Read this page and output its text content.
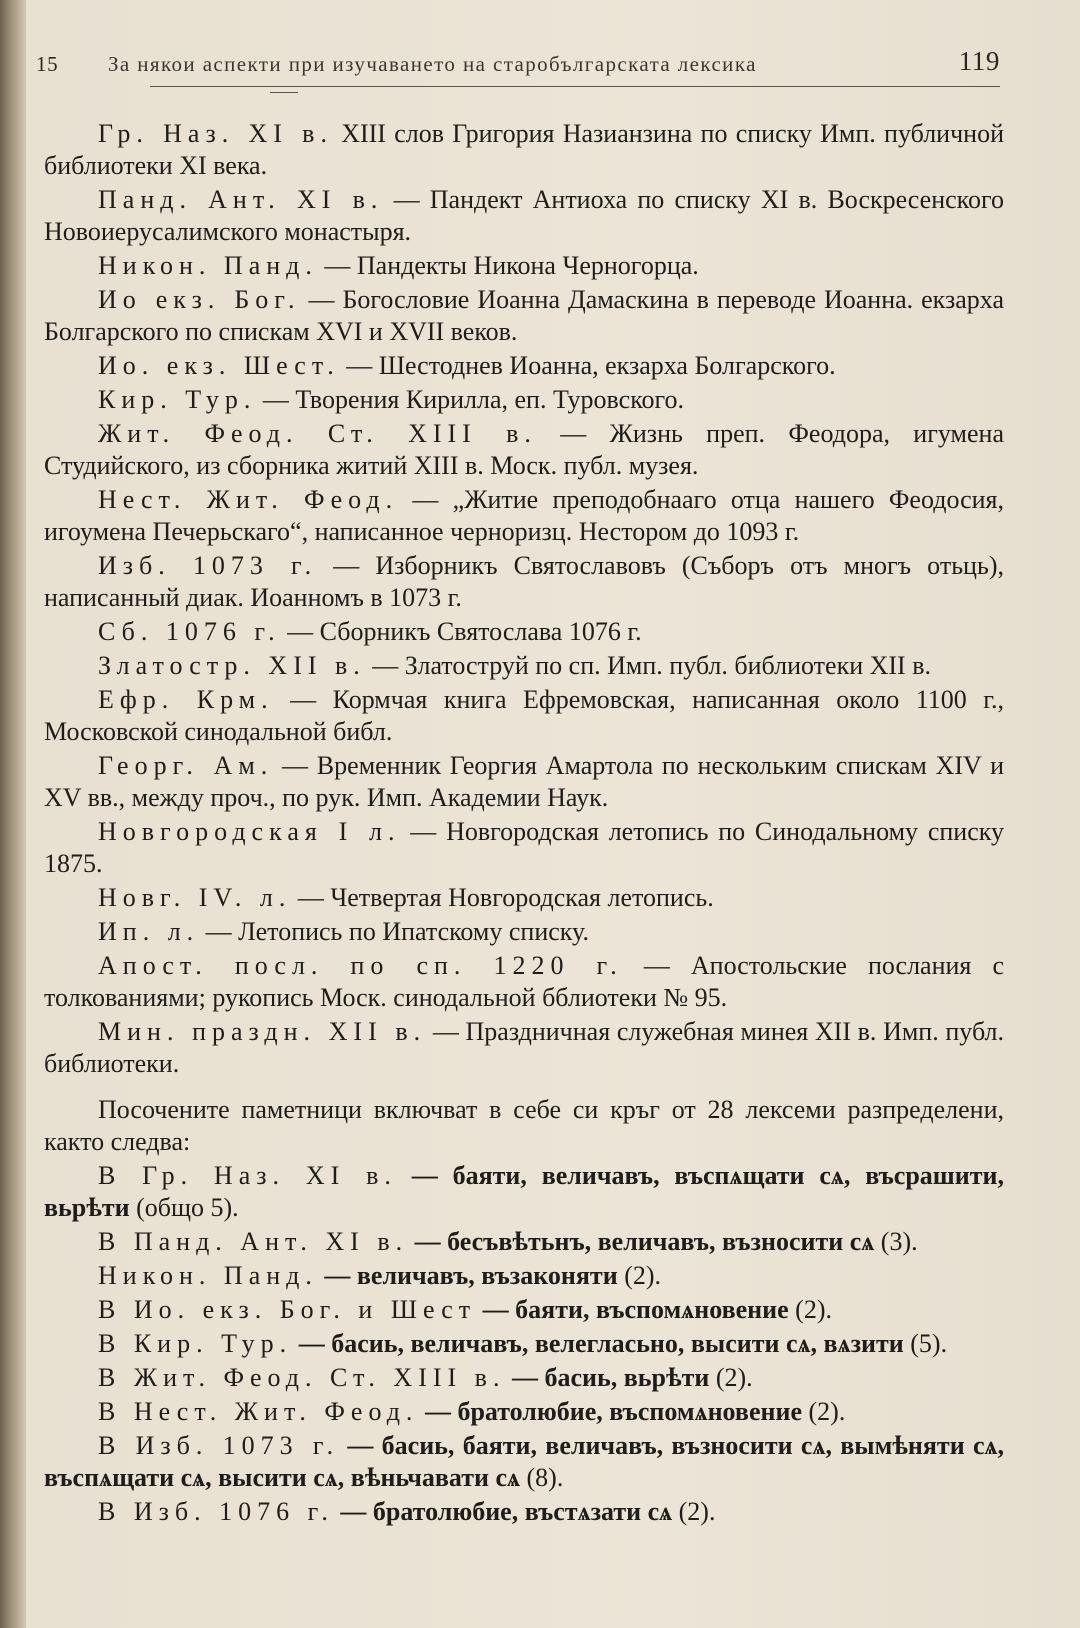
15 За някои аспекти при изучаването на старобългарската лексика	119

Гр. Наз. XI в. XIII слов Григория Назианзина по списку Имп. публичной библиотеки XI века.

Панд. Ант. XI в. — Пандект Антиоха по списку XI в. Воскресенского Новоиерусалимского монастыря.

Никон. Панд. — Пандекты Никона Черногорца.

Ио екз. Бог. — Богословие Иоанна Дамаскина в переводе Иоанна. екзарха Болгарского по спискам XVI и XVII веков.

Ио. екз. Шест. — Шестоднев Иоанна, екзарха Болгарского.

Кир. Тур. — Творения Кирилла, еп. Туровского.

Жит. Феод. Ст. XIII в. — Жизнь преп. Феодора, игумена Студийского, из сборника житий XIII в. Моск. публ. музея.

Нест. Жит. Феод. — „Житие преподобнааго отца нашего Феодосия, игоумена Печерьскаго“, написанное черноризц. Нестором до 1093 г.

Изб. 1073 г. — Изборникъ Святославовъ (Съборъ отъ многъ отьць), написанный диак. Иоанномъ в 1073 г.

Сб. 1076 г. — Сборникъ Святослава 1076 г.

Златостр. XII в. — Златоструй по сп. Имп. публ. библиотеки XII в.

Ефр. Крм. — Кормчая книга Ефремовская, написанная около 1100 г., Московской синодальной библ.

Георг. Ам. — Временник Георгия Амартола по нескольким спискам XIV и XV вв., между проч., по рук. Имп. Академии Наук.

Новгородская I л. — Новгородская летопись по Синодальному списку 1875.

Новг. IV. л. — Четвертая Новгородская летопись.

Ип. л. — Летопись по Ипатскому списку.

Апост. посл. по сп. 1220 г. — Апостольские послания с толкованиями; рукопись Моск. синодальной бблиотеки № 95.

Мин. праздн. XII в. — Праздничная служебная минея XII в. Имп. публ. библиотеки.

Посочените паметници включват в себе си кръг от 28 лексеми разпределени, както следва:

В Гр. Наз. XI в. — баяти, величавъ, въспѧщати сѧ, въсрашити, вьрѣти (общо 5).

В Панд. Ант. XI в. — бесъвѣтьнъ, величавъ, възносити сѧ (3).

Никон. Панд. — величавъ, възаконяти (2).

В Ио. екз. Бог. и Шест — баяти, въспомѧновение (2).

В Кир. Тур. — басиь, величавъ, велегласьно, высити сѧ, вѧзити (5).

В Жит. Феод. Ст. XIII в. — басиь, вьрѣти (2).

В Нест. Жит. Феод. — братолюбие, въспомѧновение (2).

В Изб. 1073 г. — басиь, баяти, величавъ, възносити сѧ, вымѣняти сѧ, въспѧщати сѧ, высити сѧ, вѣньчавати сѧ (8).

В Изб. 1076 г. — братолюбие, въстѧзати сѧ (2).
